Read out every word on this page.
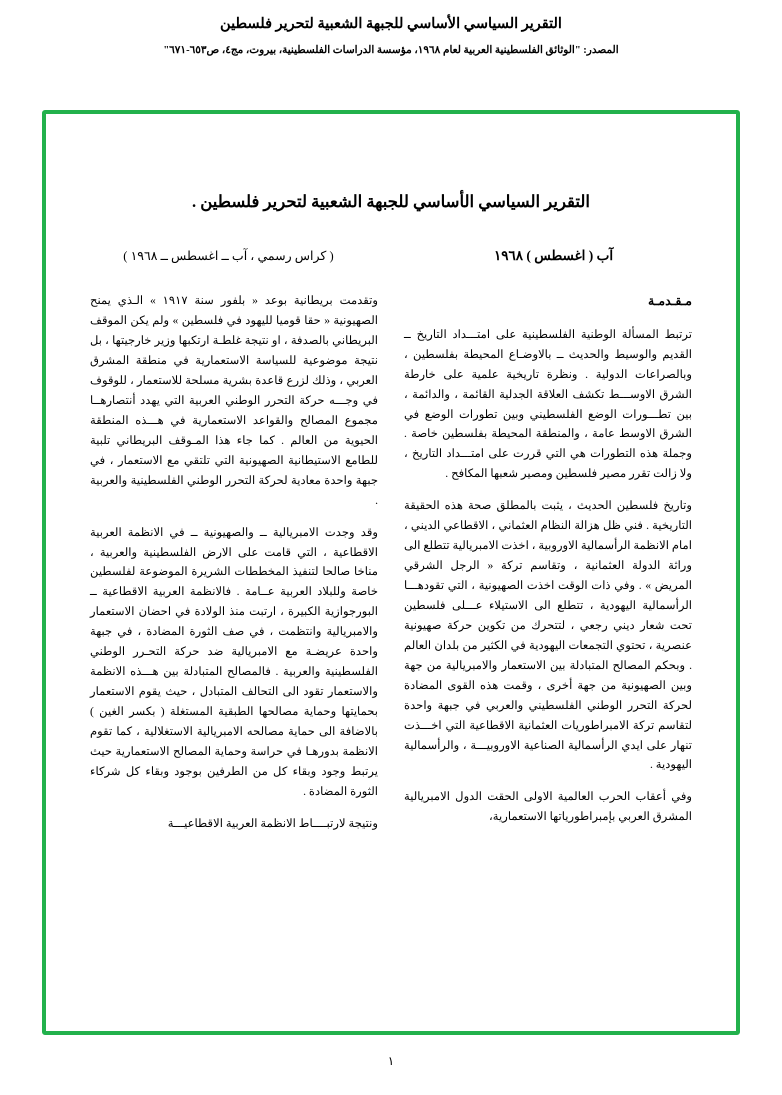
التقرير السياسي الأساسي للجبهة الشعبية لتحرير فلسطين
المصدر: "الوثائق الفلسطينية العربية لعام ١٩٦٨، مؤسسة الدراسات الفلسطينية، بيروت، مج٤، ص٦٥٣-٦٧١"
التقرير السياسي الأساسي للجبهة الشعبية لتحرير فلسطين .
آب ( اغسطس ) ١٩٦٨
( كراس رسمي ، آب ــ اغسطس ــ ١٩٦٨ )

مـقـدمـة

ترتبط المسألة الوطنية الفلسطينية على امتـــداد التاريخ ــ القديم والوسيط والحديث ــ بالاوضـاع المحيطة بفلسطين ، وبالصراعات الدولية . ونظرة تاريخية علمية على خارطة الشرق الاوســـط تكشف العلاقة الجدلية القائمة ، والدائمة ، بين تطـــورات الوضع الفلسطيني وبين تطورات الوضع في الشرق الاوسط عامة ، والمنطقة المحيطة بفلسطين خاصة . وجملة هذه التطورات هي التي قررت على امتـــداد التاريخ ، ولا زالت تقرر مصير فلسطين ومصير شعبها المكافح .

وتاريخ فلسطين الحديث ، يثبت بالمطلق صحة هذه الحقيقة التاريخية . فني ظل هزالة النظام العثماني ، الاقطاعي الديني ، امام الانظمة الرأسمالية الاوروبية ، اخذت الامبريالية تتطلع الى وراثة الدولة العثمانية ، وتقاسم تركة « الرجل الشرقي المريض » . وفي ذات الوقت اخذت الصهيونية ، التي تقودهـــا الرأسمالية اليهودية ، تتطلع الى الاستيلاء عـــلى فلسطين تحت شعار ديني رجعي ، لتتحرك من تكوين حركة صهيونية عنصرية ، تحتوي التجمعات اليهودية في الكثير من بلدان العالم . وبحكم المصالح المتبادلة بين الاستعمار والامبريالية من جهة وبين الصهيونية من جهة أخرى ، وقمت هذه القوى المضادة لحركة التحرر الوطني الفلسطيني والعربي في جبهة واحدة لتقاسم تركة الامبراطوريات العثمانية الاقطاعية التي اخـــذت تنهار على ايدي الرأسمالية الصناعية الاوروبيـــة ، والرأسمالية اليهودية .

وفي أعقاب الحرب العالمية الاولى الحقت الدول الامبريالية المشرق العربي بإمبراطورياتها الاستعمارية،

وتقدمت بريطانية بوعد « بلفور سنة ١٩١٧ » الـذي يمنح الصهيونية « حقا قوميا لليهود في فلسطين » ولم يكن الموقف البريطاني بالصدفة ، او نتيجة غلطـة ارتكبها وزير خارجيتها ، بل نتيجة موضوعية للسياسة الاستعمارية في منطقة المشرق العربي ، وذلك لزرع قاعدة بشرية مسلحة للاستعمار ، للوقوف في وجـــه حركة التحرر الوطني العربية التي يهدد أنتصارهــا مجموع المصالح والقواعد الاستعمارية في هـــذه المنطقة الحيوية من العالم . كما جاء هذا المـوقف البريطاني تلبية للطامع الاستيطانية الصهيونية التي تلتقي مع الاستعمار ، في جبهة واحدة معادية لحركة التحرر الوطني الفلسطينية والعربية .

وقد وجدت الامبريالية ــ والصهيونية ــ في الانظمة العربية الاقطاعية ، التي قامت على الارض الفلسطينية والعربية ، مناخا صالحا لتنفيذ المخططات الشريرة الموضوعة لفلسطين خاصة وللبلاد العربية عــامة . فالانظمة العربية الاقطاعية ــ البورجوازية الكبيرة ، ارتبت منذ الولادة في احضان الاستعمار والامبريالية وانتظمت ، في صف الثورة المضادة ، في جبهة واحدة عريضـة مع الامبريالية ضد حركة التحـرر الوطني الفلسطينية والعربية . فالمصالح المتبادلة بين هـــذه الانظمة والاستعمار تقود الى التحالف المتبادل ، حيث يقوم الاستعمار بحمايتها وحماية مصالحها الطبقية المستغلة ( بكسر الغين ) بالاضافة الى حماية مصالحه الامبريالية الاستغلالية ، كما تقوم الانظمة بدورهـا في حراسة وحماية المصالح الاستعمارية حيث يرتبط وجود وبقاء كل من الطرفين بوجود وبقاء كل شركاء الثورة المضادة .

ونتيجة لارتبــــاط الانظمة العربية الاقطاعيـــة

١
